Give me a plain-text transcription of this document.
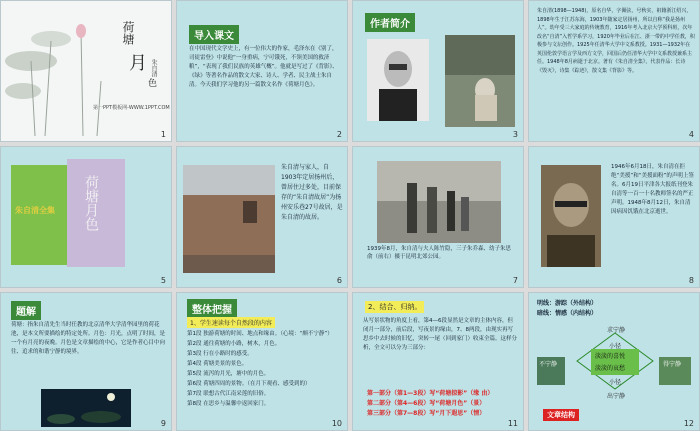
荷塘
月
色
朱自清
第一PPT模板网-WWW.1PPT.COM
1
导入课文
在中国现代文学史上，有一位伟大的作家，毛泽东在《别了，司徒雷登》中说他“一身重病，宁可饿死，不领美国的救济粮”，“表现了我们民族的英雄气概”。他就是写过了《背影》、《绿》等著名作品的散文大家、诗人、学者、民主战士朱自清。今天我们学习他的另一篇散文名作《荷塘月色》。
2
作者简介
3
朱自清(1898—1948)，原名自华，字佩弦，号秋实，祖籍浙江绍兴，1898年生于江苏东海，1903年随家定居扬州，所以自称“我是扬州人”。幼年受三大家庭的传统教育，1916年考入北京大学预科班，次年改名“自清”入哲学系学习，1920年毕业后在江、浙一带的中学任教，积极参与文坛创作。1925年任清华大学中文系教授。1931—1932年在英国伦敦学语言学及西方文学，回国后仍任清华大学中文系教授兼系主任。1948年8月病逝于北京。著有《朱自清全集》，代表作品：长诗《毁灭》，诗集《踪迹》，散文集《背影》等。
4
朱自清全集 荷塘月色
5
朱自清与家人，自1903年定居扬州后，曾居住过多处，目前保存的“朱自清故居”为扬州安乐巷27号故居，是朱自清的故居。
6
1939年8月，朱自清与夫人陈竹隐，三子朱乔森、幼子朱思俞（前右）摄于昆明北郊公园。
7
1946年6月18日，朱自清在拒绝“美援”和“美援面粉”的声明上签名。6月19日平津各大报纸刊登朱自清等一百一十名教师签名的严正声明。1948年8月12日，朱自清因病因饥饿在北京逝世。
8
题解
荷塘：指朱自清先生当时任教的北京清华大学清华园里的荷花池，是本文所要描绘的特定处所。月色：月光，点明了时间，是一个有月亮的夜晚。月色是文章描绘的中心，它是作者心目中向往、追求的和谐宁静的境界。
9
整体把握
1、学生速读每个自然段的内容
第1段 独游荷塘的时间、地点和缘由。（心境：“颇不宁静”）
第2段 通往荷塘的小路，树木，月色。
第3段 行在小路时的感受。
第4段 荷塘美景的景色。
第5段 流泻的月光，塘中的月色。
第6段 荷塘四周的景物。（在月下观看、感受到的）
第7段 联想古代江南采莲的旧俗。
第8段 在思乡与温馨中返回家门。
10
2、结合、归纳。
从写景状物的角度上看，第4—6段显然是文章的主体内容，但闭月一部分，前后段，写夜景的缘由，7、8两段，由现实再写思乡中去时候的旧忆，突转一尾（回到家门）收束全篇。这样分析，全文可以分为三部分：
第一部分（第1—3段）写“荷塘掠影”（缘 由）
第二部分（第4—6段）写“荷塘月色”（景）
第三部分（第7—8段）写“月下遐思”（情）
11
明线：游踪（外结构）
暗线：情感（内结构）
求宁静
小径
淡淡的喜悦
淡淡的哀愁
小径
出宁静
不宁静	得宁静
文章结构
12
